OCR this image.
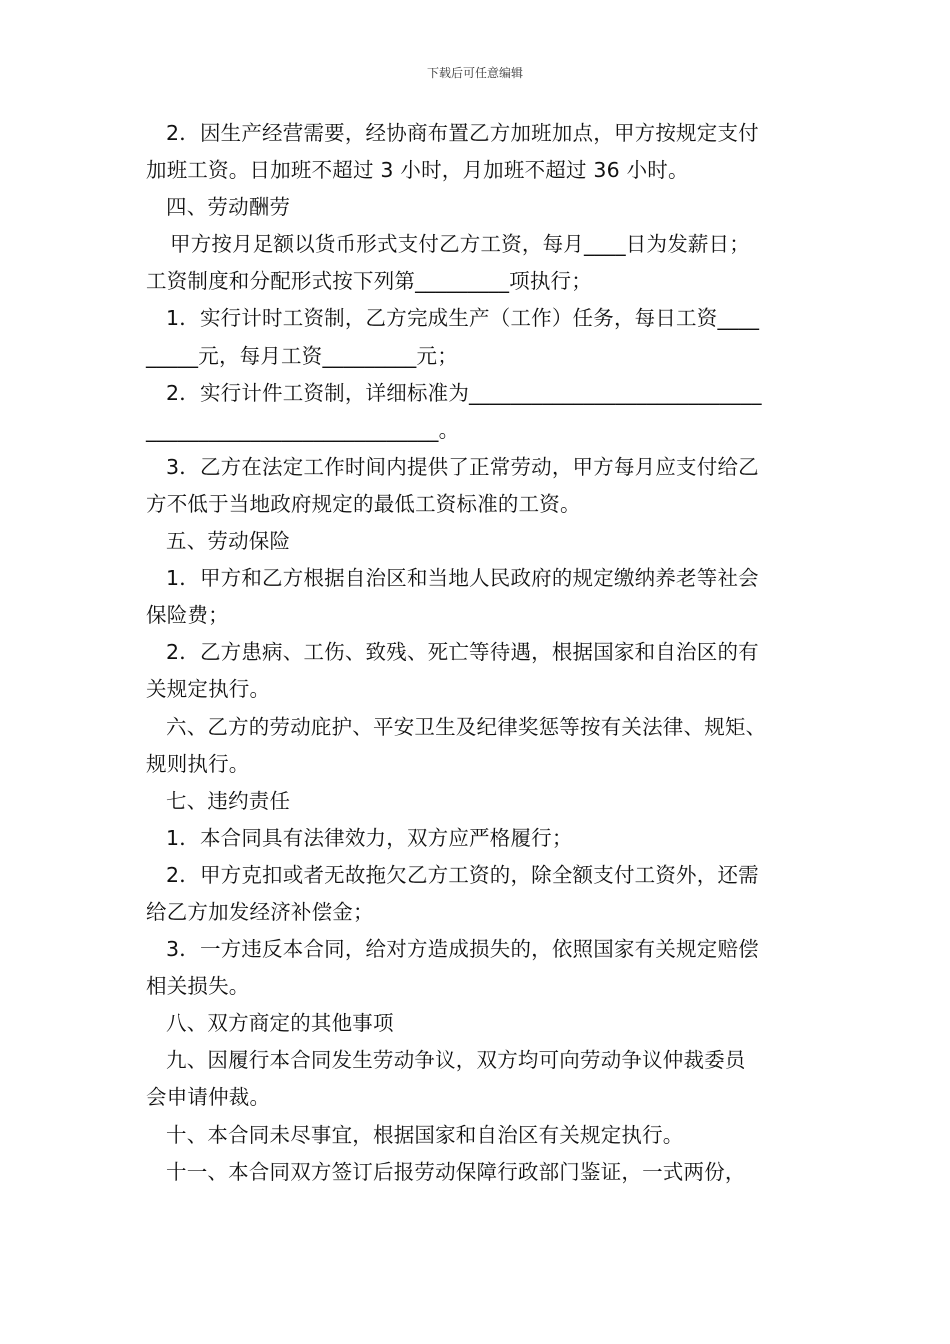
下载后可任意编辑

2．因生产经营需要，经协商布置乙方加班加点，甲方按规定支付

加班工资。日加班不超过 3 小时，月加班不超过 36 小时。

四、劳动酬劳

甲方按月足额以货币形式支付乙方工资，每月____日为发薪日；

工资制度和分配形式按下列第_________项执行；

1．实行计时工资制，乙方完成生产（工作）任务，每日工资____

_____元，每月工资_________元；

2．实行计件工资制，详细标准为____________________________

____________________________。

3．乙方在法定工作时间内提供了正常劳动，甲方每月应支付给乙

方不低于当地政府规定的最低工资标准的工资。

五、劳动保险

1．甲方和乙方根据自治区和当地人民政府的规定缴纳养老等社会

保险费；

2．乙方患病、工伤、致残、死亡等待遇，根据国家和自治区的有

关规定执行。

六、乙方的劳动庇护、平安卫生及纪律奖惩等按有关法律、规矩、

规则执行。

七、违约责任

1．本合同具有法律效力，双方应严格履行；

2．甲方克扣或者无故拖欠乙方工资的，除全额支付工资外，还需

给乙方加发经济补偿金；

3．一方违反本合同，给对方造成损失的，依照国家有关规定赔偿

相关损失。

八、双方商定的其他事项

九、因履行本合同发生劳动争议，双方均可向劳动争议仲裁委员

会申请仲裁。

十、本合同未尽事宜，根据国家和自治区有关规定执行。

十一、本合同双方签订后报劳动保障行政部门鉴证，一式两份，
